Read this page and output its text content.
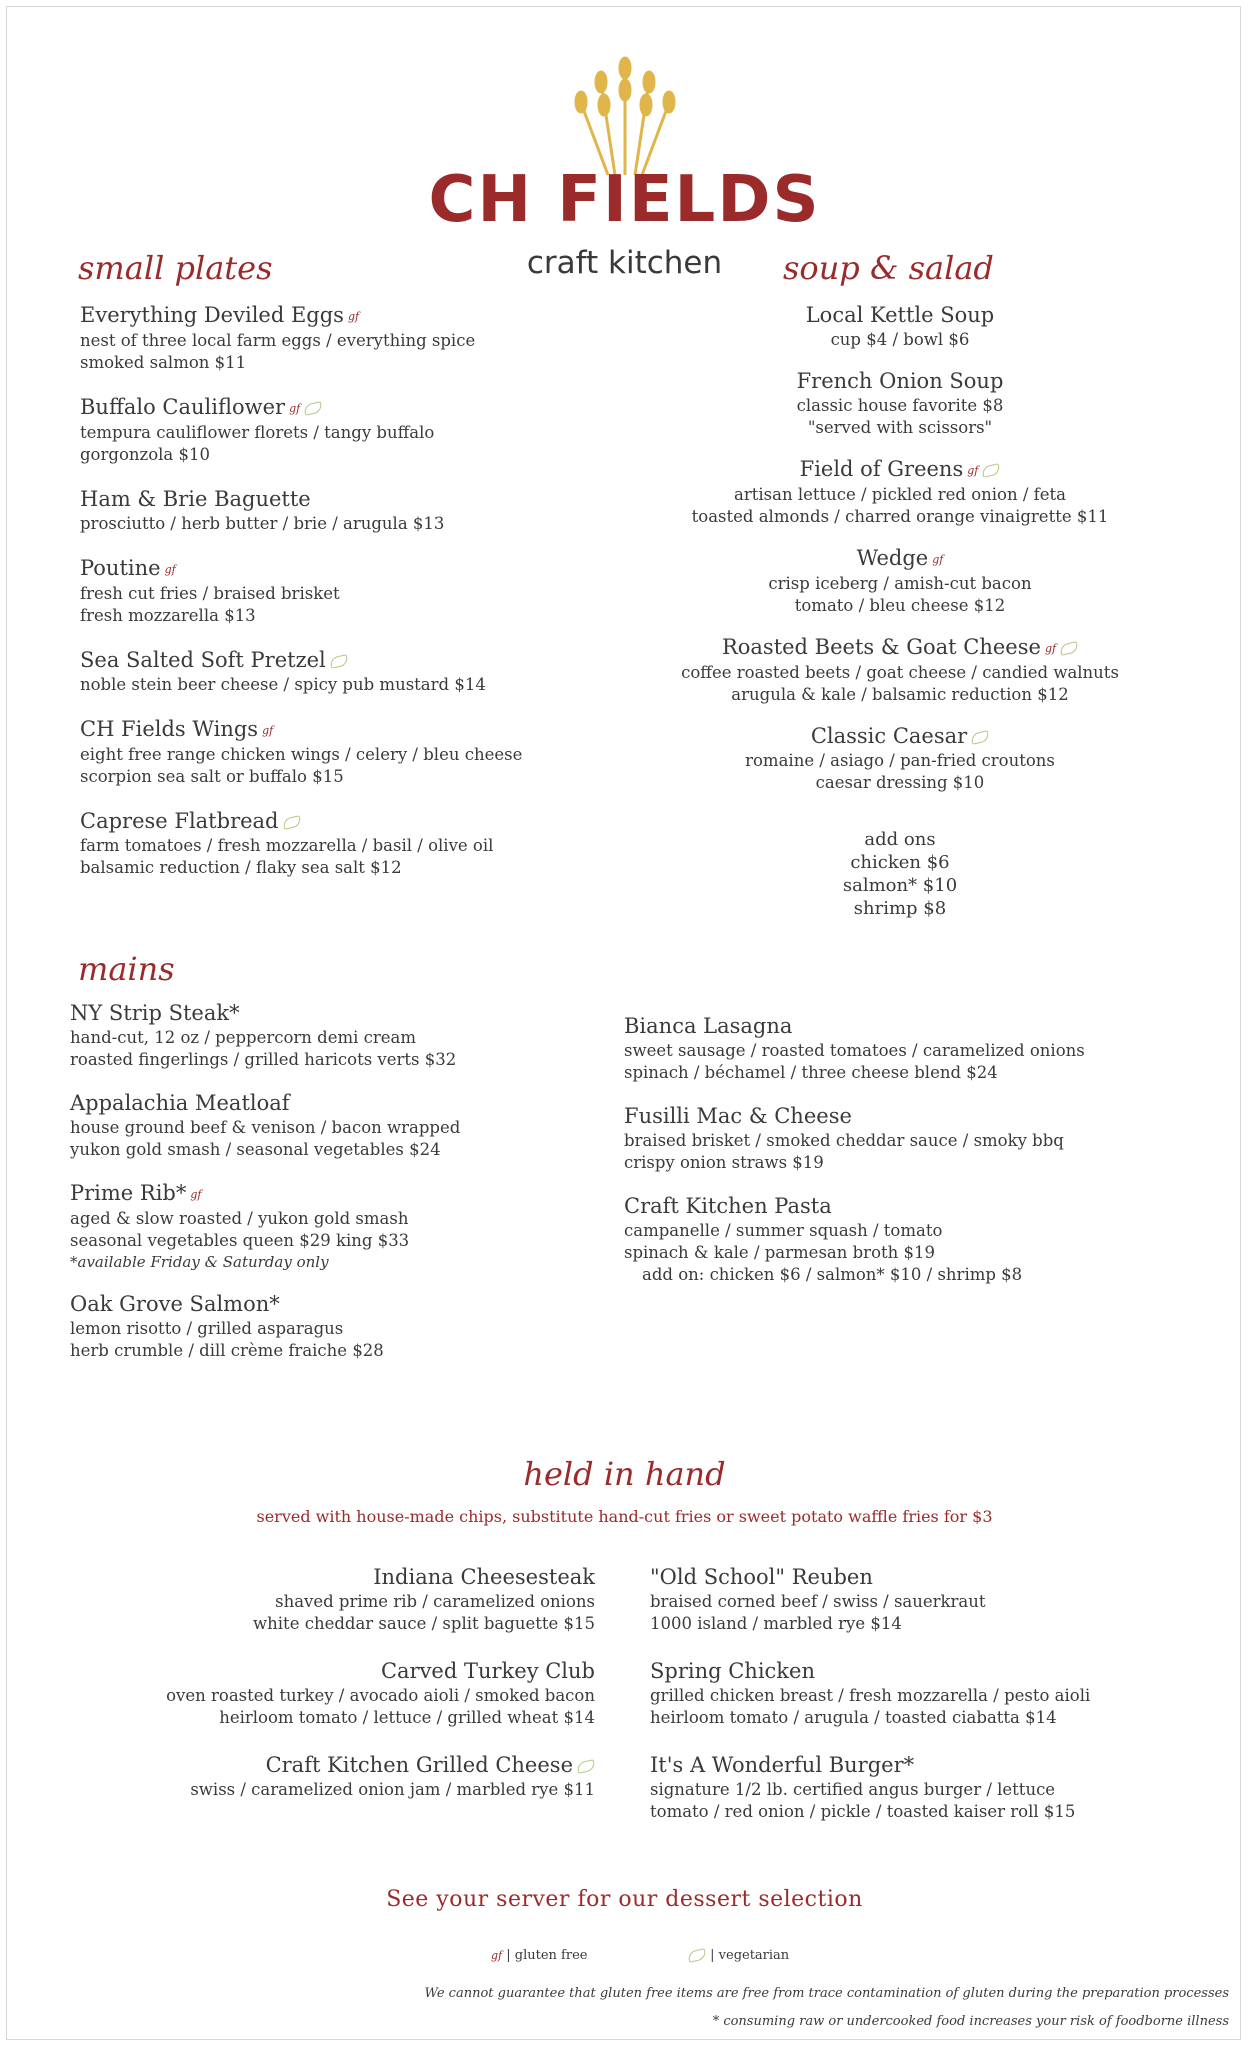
CH FIELDS
craft kitchen
small plates	soup & salad
mains
held in hand
Everything Deviled Eggs gf
nest of three local farm eggs / everything spice
smoked salmon $11
Buffalo Cauliflower gf
tempura cauliflower florets / tangy buffalo
gorgonzola $10
Ham & Brie Baguette
prosciutto / herb butter / brie / arugula $13
Poutine gf
fresh cut fries / braised brisket
fresh mozzarella $13
Sea Salted Soft Pretzel
noble stein beer cheese / spicy pub mustard $14
CH Fields Wings gf
eight free range chicken wings / celery / bleu cheese
scorpion sea salt or buffalo $15
Caprese Flatbread
farm tomatoes / fresh mozzarella / basil / olive oil
balsamic reduction / flaky sea salt $12
Local Kettle Soup
cup $4 / bowl $6
French Onion Soup
classic house favorite $8
"served with scissors"
Field of Greens gf
artisan lettuce / pickled red onion / feta
toasted almonds / charred orange vinaigrette $11
Wedge gf
crisp iceberg / amish-cut bacon
tomato / bleu cheese $12
Roasted Beets & Goat Cheese gf
coffee roasted beets / goat cheese / candied walnuts
arugula & kale / balsamic reduction $12
Classic Caesar
romaine / asiago / pan-fried croutons
caesar dressing $10
add ons
chicken $6
salmon* $10
shrimp $8
NY Strip Steak*
hand-cut, 12 oz / peppercorn demi cream
roasted fingerlings / grilled haricots verts $32
Appalachia Meatloaf
house ground beef & venison / bacon wrapped
yukon gold smash / seasonal vegetables $24
Prime Rib* gf
aged & slow roasted / yukon gold smash
seasonal vegetables queen $29 king $33
*available Friday & Saturday only
Oak Grove Salmon*
lemon risotto / grilled asparagus
herb crumble / dill crème fraiche $28
Bianca Lasagna
sweet sausage / roasted tomatoes / caramelized onions
spinach / béchamel / three cheese blend $24
Fusilli Mac & Cheese
braised brisket / smoked cheddar sauce / smoky bbq
crispy onion straws $19
Craft Kitchen Pasta
campanelle / summer squash / tomato
spinach & kale / parmesan broth $19
add on: chicken $6 / salmon* $10 / shrimp $8
served with house-made chips, substitute hand-cut fries or sweet potato waffle fries for $3
Indiana Cheesesteak
shaved prime rib / caramelized onions
white cheddar sauce / split baguette $15
Carved Turkey Club
oven roasted turkey / avocado aioli / smoked bacon
heirloom tomato / lettuce / grilled wheat $14
Craft Kitchen Grilled Cheese
swiss / caramelized onion jam / marbled rye $11
"Old School" Reuben
braised corned beef / swiss / sauerkraut
1000 island / marbled rye $14
Spring Chicken
grilled chicken breast / fresh mozzarella / pesto aioli
heirloom tomato / arugula / toasted ciabatta $14
It's A Wonderful Burger*
signature 1/2 lb. certified angus burger / lettuce
tomato / red onion / pickle / toasted kaiser roll $15
See your server for our dessert selection
gf | gluten free	| vegetarian
We cannot guarantee that gluten free items are free from trace contamination of gluten during the preparation processes
* consuming raw or undercooked food increases your risk of foodborne illness
